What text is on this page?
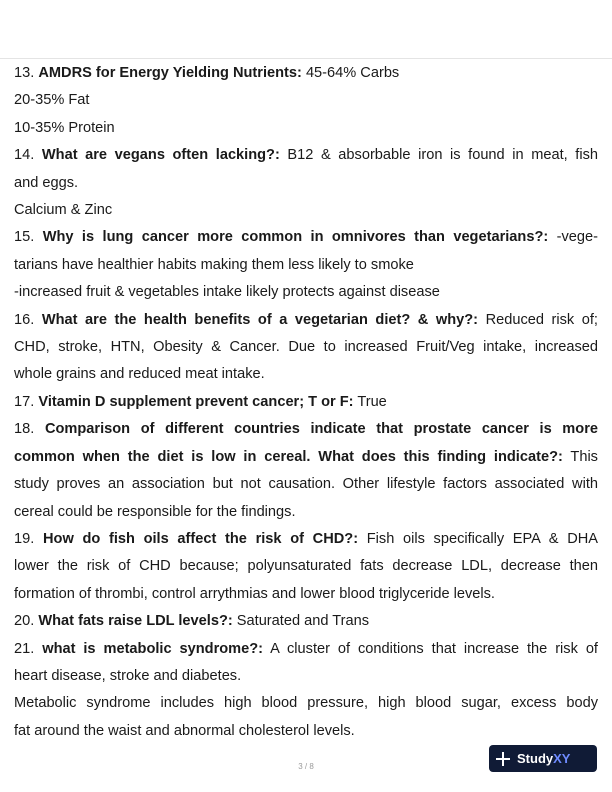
13. AMDRS for Energy Yielding Nutrients: 45-64% Carbs
20-35% Fat
10-35% Protein
14. What are vegans often lacking?: B12 & absorbable iron is found in meat, fish
and eggs.
Calcium & Zinc
15. Why is lung cancer more common in omnivores than vegetarians?: -vege-
tarians have healthier habits making them less likely to smoke
-increased fruit & vegetables intake likely protects against disease
16. What are the health benefits of a vegetarian diet? & why?: Reduced risk of;
CHD, stroke, HTN, Obesity & Cancer. Due to increased Fruit/Veg intake, increased
whole grains and reduced meat intake.
17. Vitamin D supplement prevent cancer; T or F: True
18. Comparison of different countries indicate that prostate cancer is more
common when the diet is low in cereal. What does this finding indicate?: This
study proves an association but not causation. Other lifestyle factors associated with
cereal could be responsible for the findings.
19. How do fish oils affect the risk of CHD?: Fish oils specifically EPA & DHA
lower the risk of CHD because; polyunsaturated fats decrease LDL, decrease then
formation of thrombi, control arrythmias and lower blood triglyceride levels.
20. What fats raise LDL levels?: Saturated and Trans
21. what is metabolic syndrome?: A cluster of conditions that increase the risk of
heart disease, stroke and diabetes.
Metabolic syndrome includes high blood pressure, high blood sugar, excess body
fat around the waist and abnormal cholesterol levels.
3 / 8
StudyXY
